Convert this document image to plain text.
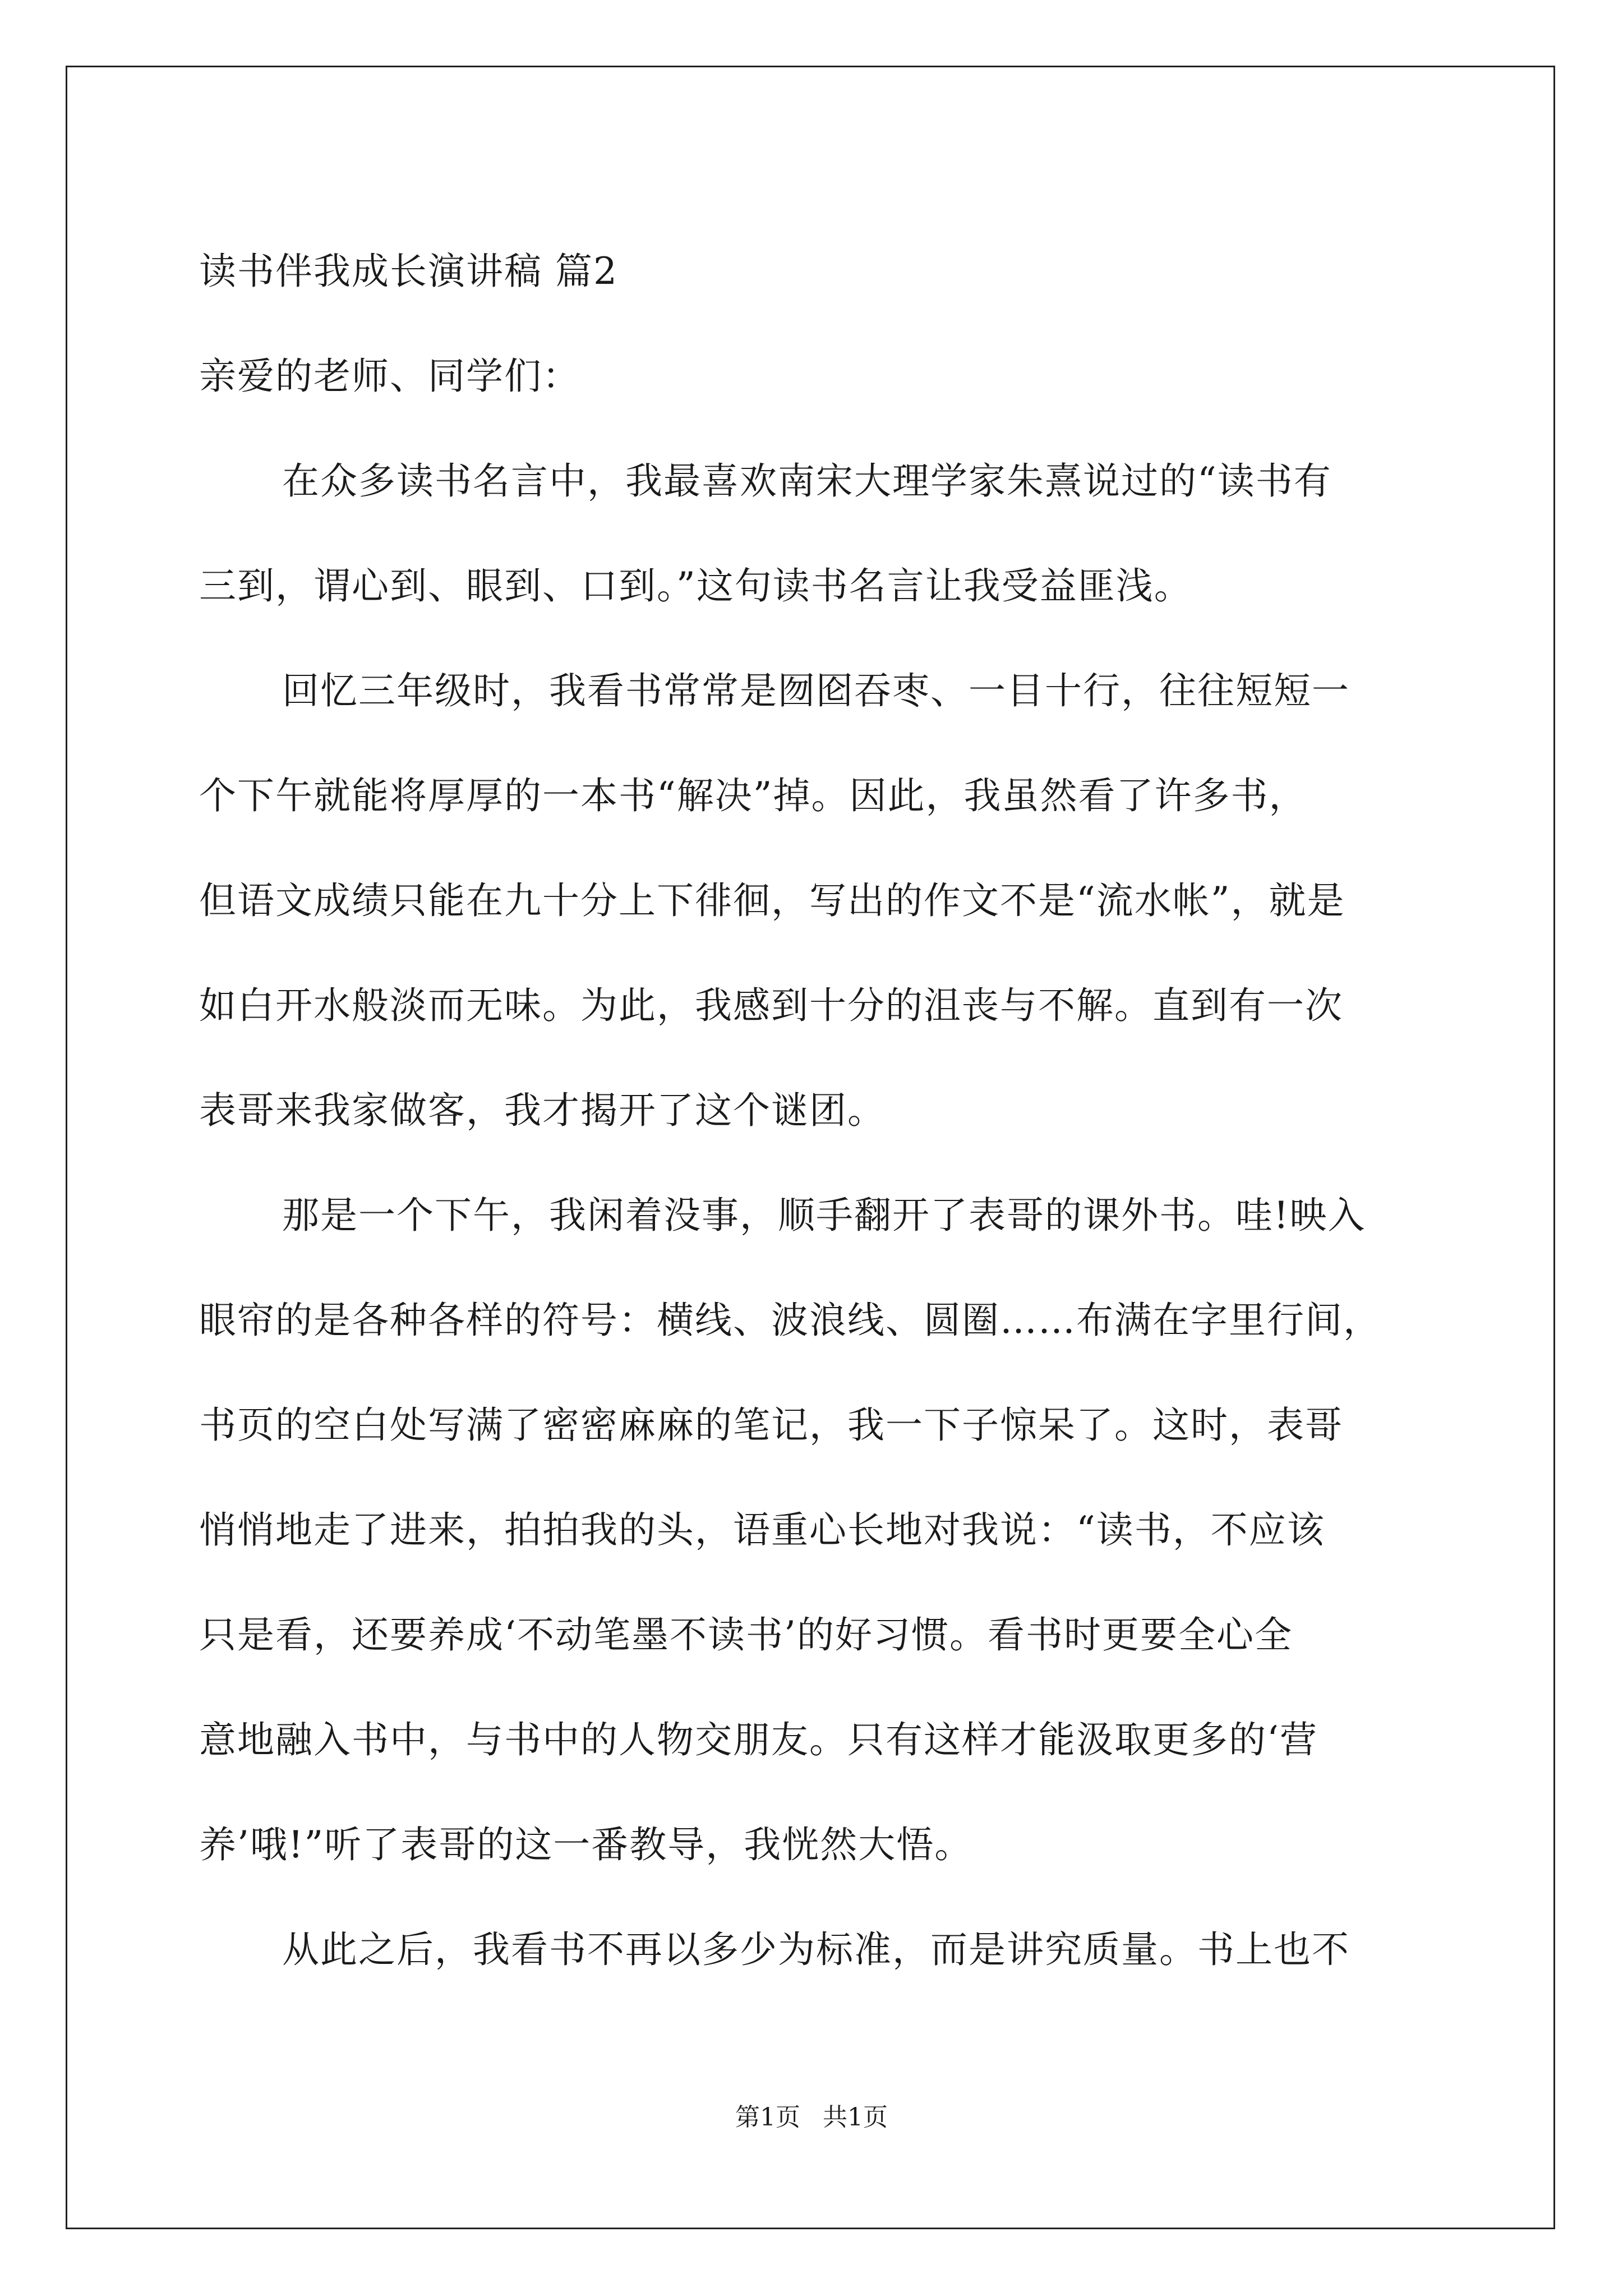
读书伴我成长演讲稿 篇2
亲爱的老师、同学们：
在众多读书名言中，我最喜欢南宋大理学家朱熹说过的“读书有
三到，谓心到、眼到、口到。”这句读书名言让我受益匪浅。
回忆三年级时，我看书常常是囫囵吞枣、一目十行，往往短短一
个下午就能将厚厚的一本书“解决”掉。因此，我虽然看了许多书，
但语文成绩只能在九十分上下徘徊，写出的作文不是“流水帐”，就是
如白开水般淡而无味。为此，我感到十分的沮丧与不解。直到有一次
表哥来我家做客，我才揭开了这个谜团。
那是一个下午，我闲着没事，顺手翻开了表哥的课外书。哇!映入
眼帘的是各种各样的符号：横线、波浪线、圆圈……布满在字里行间，
书页的空白处写满了密密麻麻的笔记，我一下子惊呆了。这时，表哥
悄悄地走了进来，拍拍我的头，语重心长地对我说：“读书，不应该
只是看，还要养成‘不动笔墨不读书’的好习惯。看书时更要全心全
意地融入书中，与书中的人物交朋友。只有这样才能汲取更多的‘营
养’哦!”听了表哥的这一番教导，我恍然大悟。
从此之后，我看书不再以多少为标准，而是讲究质量。书上也不
第1页 共1页
